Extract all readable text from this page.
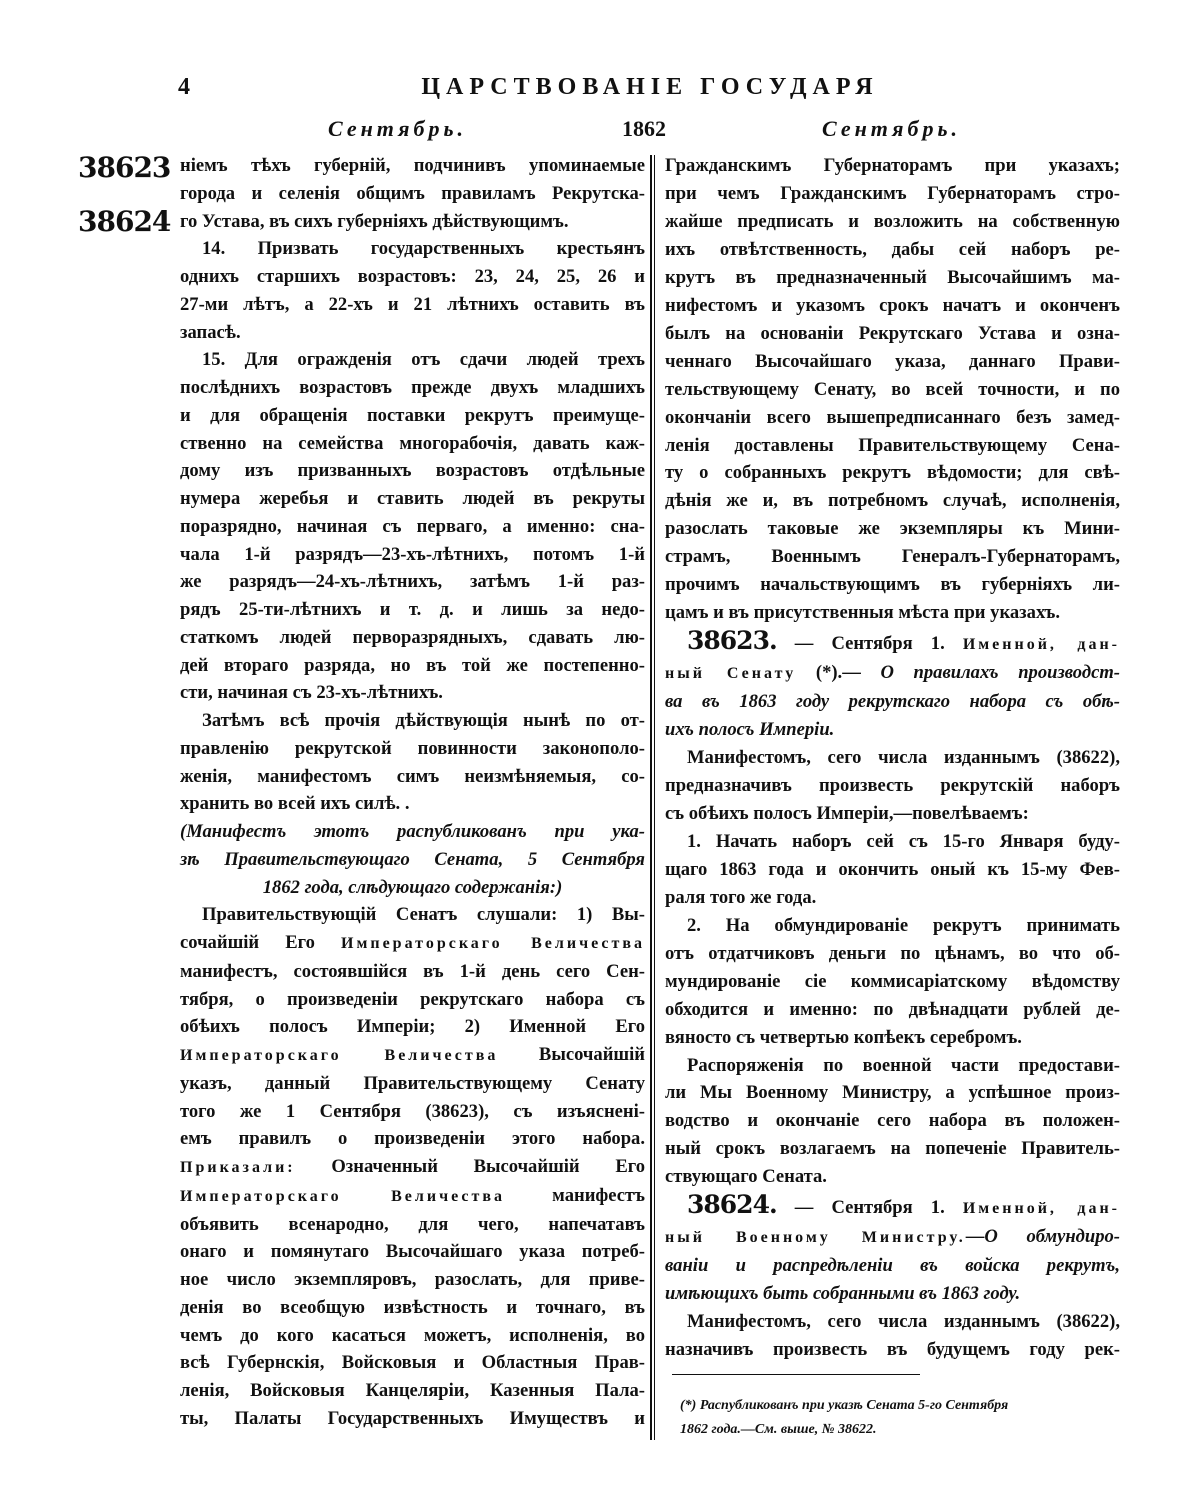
4	ЦАРСТВОВАНІЕ ГОСУДАРЯ
Сентябрь.	1862	Сентябрь.
38623
38624
ніемъ тѣхъ губерній, подчинивъ упоминаемые
города и селенія общимъ правиламъ Рекрутска-
го Устава, въ сихъ губерніяхъ дѣйствующимъ.
14. Призвать государственныхъ крестьянъ
однихъ старшихъ возрастовъ: 23, 24, 25, 26 и
27-ми лѣтъ, а 22-хъ и 21 лѣтнихъ оставить въ
запасѣ.
15. Для огражденія отъ сдачи людей трехъ
послѣднихъ возрастовъ прежде двухъ младшихъ
и для обращенія поставки рекрутъ преимуще-
ственно на семейства многорабочія, давать каж-
дому изъ призванныхъ возрастовъ отдѣльные
нумера жеребья и ставить людей въ рекруты
поразрядно, начиная съ перваго, а именно: сна-
чала 1-й разрядъ—23-хъ-лѣтнихъ, потомъ 1-й
же разрядъ—24-хъ-лѣтнихъ, затѣмъ 1-й раз-
рядъ 25-ти-лѣтнихъ и т. д. и лишь за недо-
статкомъ людей перворазрядныхъ, сдавать лю-
дей втораго разряда, но въ той же постепенно-
сти, начиная съ 23-хъ-лѣтнихъ.
Затѣмъ всѣ прочія дѣйствующія нынѣ по от-
правленію рекрутской повинности законополо-
женія, манифестомъ симъ неизмѣняемыя, со-
хранить во всей ихъ силѣ. .
(Манифестъ этотъ распубликованъ при ука-
зѣ Правительствующаго Сената, 5 Сентября
1862 года, слѣдующаго содержанія:)
Правительствующій Сенатъ слушали: 1) Вы-
сочайшій Его Императорскаго Величества
манифестъ, состоявшійся въ 1-й день сего Сен-
тября, о произведеніи рекрутскаго набора съ
обѣихъ полосъ Имперіи; 2) Именной Его
Императорскаго Величества Высочайшій
указъ, данный Правительствующему Сенату
того же 1 Сентября (38623), съ изъясненi-
емъ правилъ о произведеніи этого набора.
Приказали: Означенный Высочайшій Его
Императорскаго Величества манифестъ
объявить всенародно, для чего, напечатавъ
онаго и помянутаго Высочайшаго указа потреб-
ное число экземпляровъ, разослать, для приве-
денія во всеобщую извѣстность и точнаго, въ
чемъ до кого касаться можетъ, исполненія, во
всѣ Губернскія, Войсковыя и Областныя Прав-
ленія, Войсковыя Канцеляріи, Казенныя Пала-
ты, Палаты Государственныхъ Имуществъ и
Гражданскимъ Губернаторамъ при указахъ;
при чемъ Гражданскимъ Губернаторамъ стро-
жайше предписать и возложить на собственную
ихъ отвѣтственность, дабы сей наборъ ре-
крутъ въ предназначенный Высочайшимъ ма-
нифестомъ и указомъ срокъ начатъ и оконченъ
былъ на основаніи Рекрутскаго Устава и озна-
ченнаго Высочайшаго указа, даннаго Прави-
тельствующему Сенату, во всей точности, и по
окончаніи всего вышепредписаннаго безъ замед-
ленія доставлены Правительствующему Сена-
ту о собранныхъ рекрутъ вѣдомости; для свѣ-
дѣнія же и, въ потребномъ случаѣ, исполненія,
разослать таковые же экземпляры къ Мини-
страмъ, Военнымъ Генералъ-Губернаторамъ,
прочимъ начальствующимъ въ губерніяхъ ли-
цамъ и въ присутственныя мѣста при указахъ.
38623. — Сентября 1. Именной, дан-
ный Сенату (*).— О правилахъ производст-
ва въ 1863 году рекрутскаго набора съ обѣ-
ихъ полосъ Имперіи.
Манифестомъ, сего числа изданнымъ (38622),
предназначивъ произвесть рекрутскій наборъ
съ обѣихъ полосъ Имперіи,—повелѣваемъ:
1. Начать наборъ сей съ 15-го Января буду-
щаго 1863 года и окончить оный къ 15-му Фев-
раля того же года.
2. На обмундированіе рекрутъ принимать
отъ отдатчиковъ деньги по цѣнамъ, во что об-
мундированіе сіе коммисаріатскому вѣдомству
обходится и именно: по двѣнадцати рублей де-
вяносто съ четвертью копѣекъ серебромъ.
Распоряженія по военной части предостави-
ли Мы Военному Министру, а успѣшное произ-
водство и окончаніе сего набора въ положен-
ный срокъ возлагаемъ на попеченіе Правитель-
ствующаго Сената.
38624. — Сентября 1. Именной, дан-
ный Военному Министру.—О обмундиро-
ваніи и распредѣленіи въ войска рекрутъ,
имѣющихъ быть собранными въ 1863 году.
Манифестомъ, сего числа изданнымъ (38622),
назначивъ произвесть въ будущемъ году рек-
(*) Распубликованъ при указѣ Сената 5-го Сентября
1862 года.—См. выше, № 38622.
